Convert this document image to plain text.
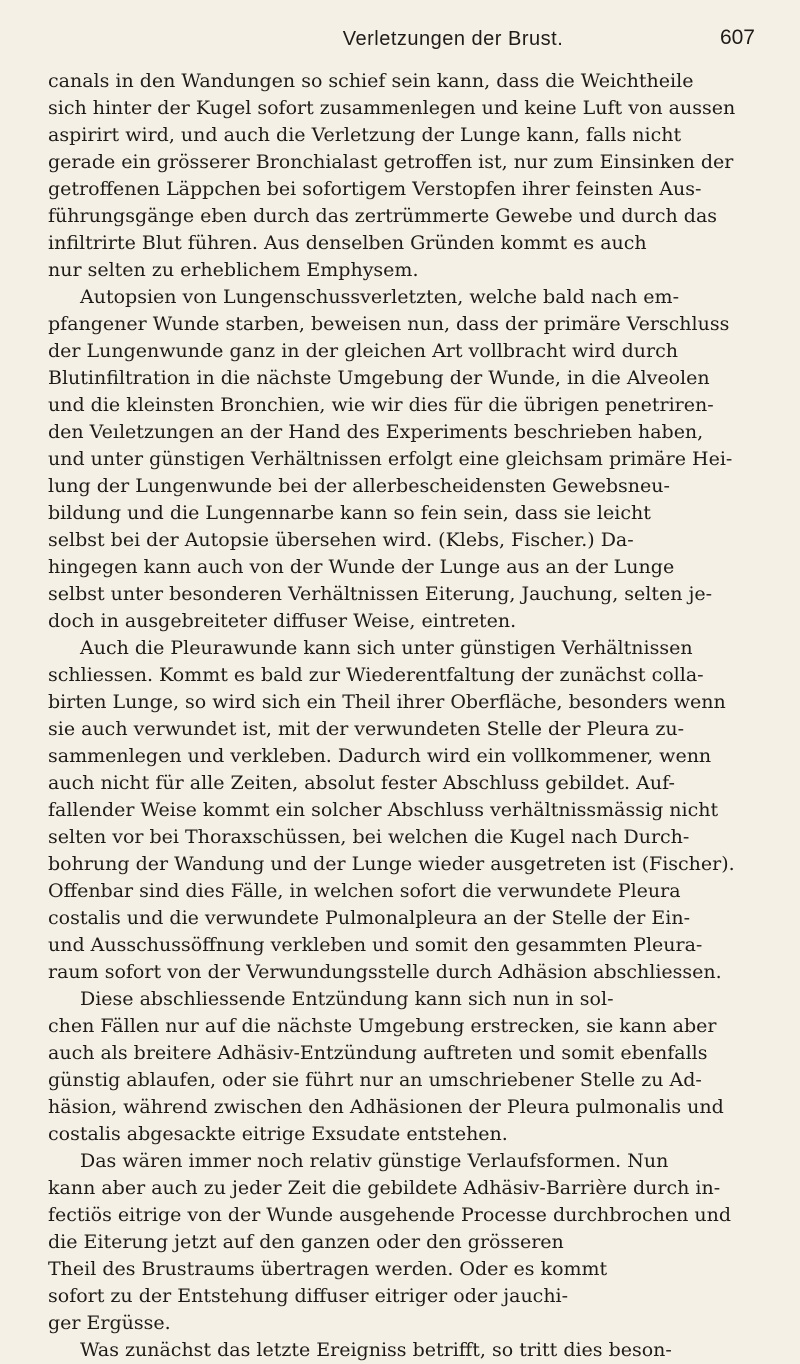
Verletzungen der Brust.	607
canals in den Wandungen so schief sein kann, dass die Weichtheile
sich hinter der Kugel sofort zusammenlegen und keine Luft von aussen
aspirirt wird, und auch die Verletzung der Lunge kann, falls nicht
gerade ein grösserer Bronchialast getroffen ist, nur zum Einsinken der
getroffenen Läppchen bei sofortigem Verstopfen ihrer feinsten Aus-
führungsgänge eben durch das zertrümmerte Gewebe und durch das
infiltrirte Blut führen. Aus denselben Gründen kommt es auch
nur selten zu erheblichem Emphysem.
Autopsien von Lungenschussverletzten, welche bald nach em-
pfangener Wunde starben, beweisen nun, dass der primäre Verschluss
der Lungenwunde ganz in der gleichen Art vollbracht wird durch
Blutinfiltration in die nächste Umgebung der Wunde, in die Alveolen
und die kleinsten Bronchien, wie wir dies für die übrigen penetriren-
den Veıletzungen an der Hand des Experiments beschrieben haben,
und unter günstigen Verhältnissen erfolgt eine gleichsam primäre Hei-
lung der Lungenwunde bei der allerbescheidensten Gewebsneu-
bildung und die Lungennarbe kann so fein sein, dass sie leicht
selbst bei der Autopsie übersehen wird. (Klebs, Fischer.) Da-
hingegen kann auch von der Wunde der Lunge aus an der Lunge
selbst unter besonderen Verhältnissen Eiterung, Jauchung, selten je-
doch in ausgebreiteter diffuser Weise, eintreten.
Auch die Pleurawunde kann sich unter günstigen Verhältnissen
schliessen. Kommt es bald zur Wiederentfaltung der zunächst colla-
birten Lunge, so wird sich ein Theil ihrer Oberfläche, besonders wenn
sie auch verwundet ist, mit der verwundeten Stelle der Pleura zu-
sammenlegen und verkleben. Dadurch wird ein vollkommener, wenn
auch nicht für alle Zeiten, absolut fester Abschluss gebildet. Auf-
fallender Weise kommt ein solcher Abschluss verhältnissmässig nicht
selten vor bei Thoraxschüssen, bei welchen die Kugel nach Durch-
bohrung der Wandung und der Lunge wieder ausgetreten ist (Fischer).
Offenbar sind dies Fälle, in welchen sofort die verwundete Pleura
costalis und die verwundete Pulmonalpleura an der Stelle der Ein-
und Ausschussöffnung verkleben und somit den gesammten Pleura-
raum sofort von der Verwundungsstelle durch Adhäsion abschliessen.
Diese abschliessende Entzündung kann sich nun in sol-
chen Fällen nur auf die nächste Umgebung erstrecken, sie kann aber
auch als breitere Adhäsiv-Entzündung auftreten und somit ebenfalls
günstig ablaufen, oder sie führt nur an umschriebener Stelle zu Ad-
häsion, während zwischen den Adhäsionen der Pleura pulmonalis und
costalis abgesackte eitrige Exsudate entstehen.
Das wären immer noch relativ günstige Verlaufsformen. Nun
kann aber auch zu jeder Zeit die gebildete Adhäsiv-Barrière durch in-
fectiös eitrige von der Wunde ausgehende Processe durchbrochen und
die Eiterung jetzt auf den ganzen oder den grösseren
Theil des Brustraums übertragen werden. Oder es kommt
sofort zu der Entstehung diffuser eitriger oder jauchi-
ger Ergüsse.
Was zunächst das letzte Ereigniss betrifft, so tritt dies beson-
